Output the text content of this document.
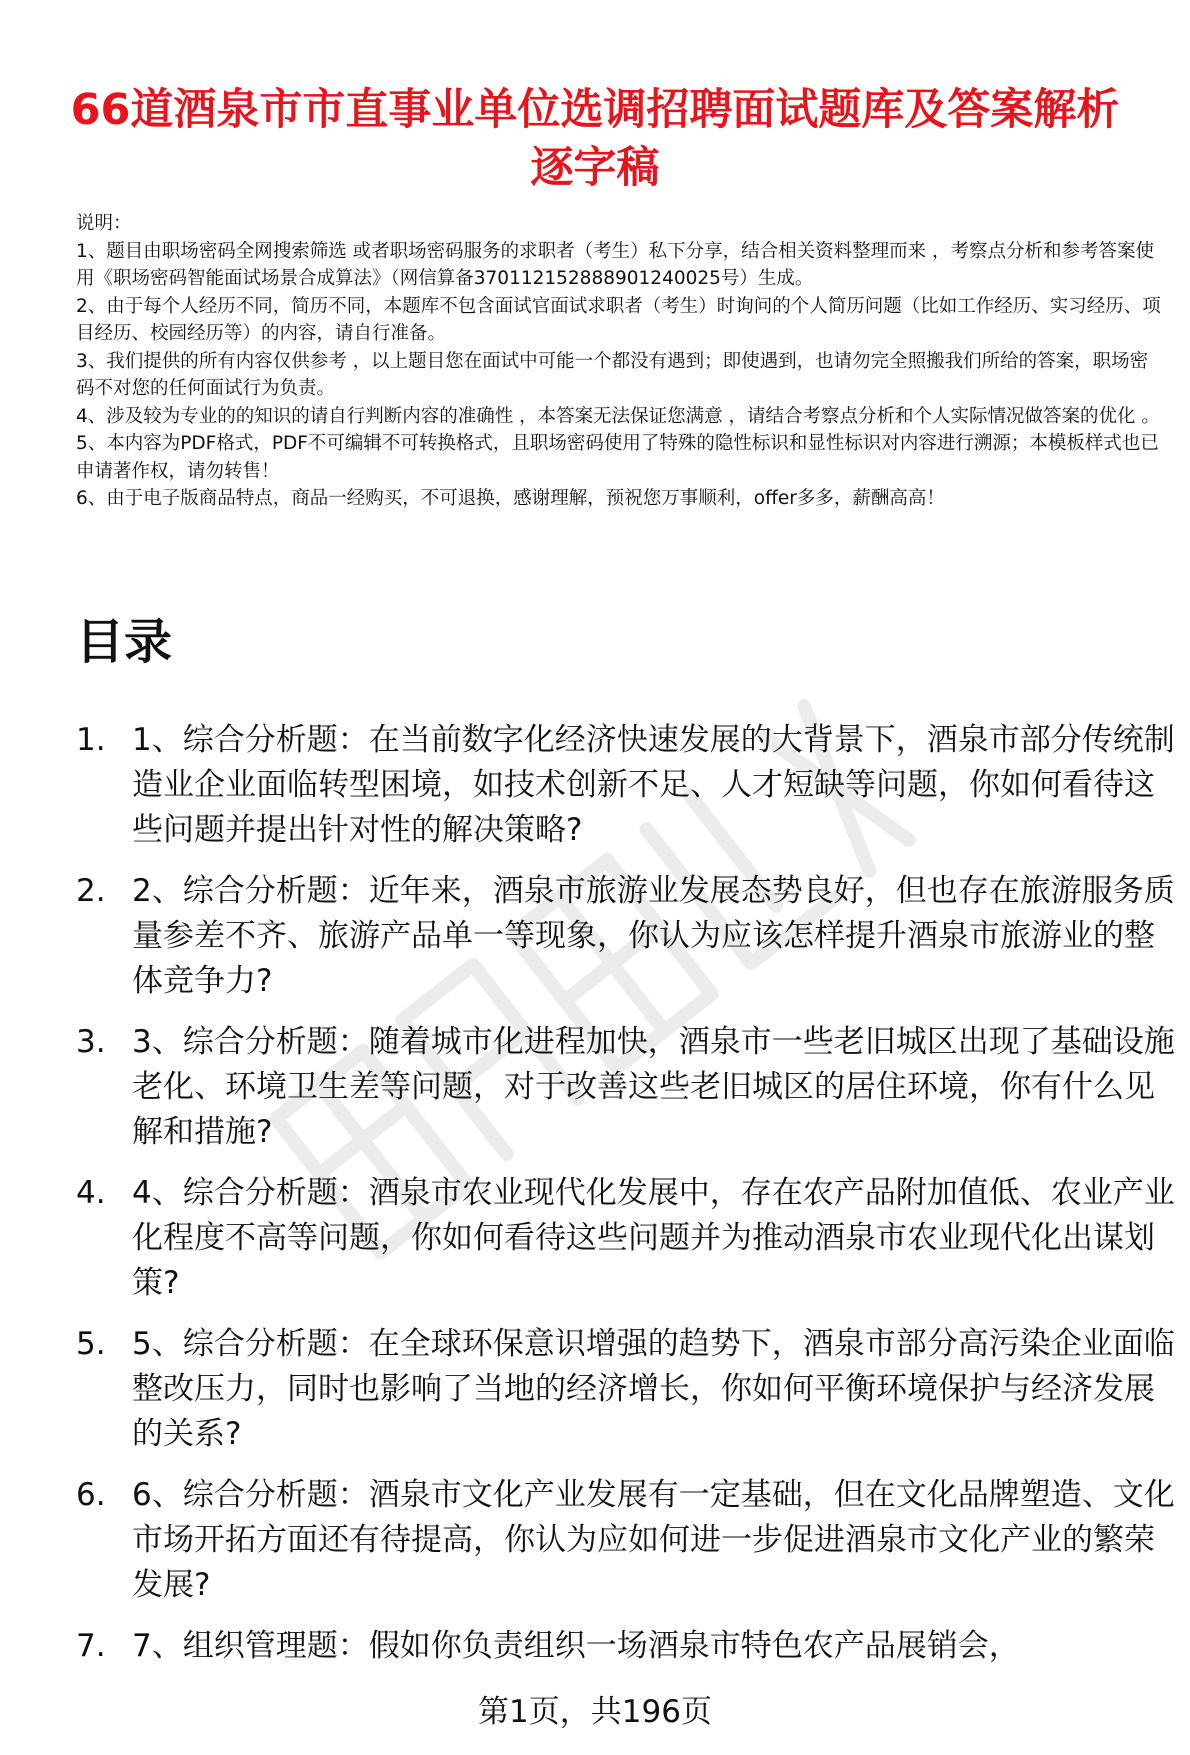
66道酒泉市市直事业单位选调招聘面试题库及答案解析逐字稿

说明：

1、题目由职场密码全网搜索筛选 或者职场密码服务的求职者（考生）私下分享，结合相关资料整理而来 ，考察点分析和参考答案使用《职场密码智能面试场景合成算法》（网信算备370112152888901240025号）生成。

2、由于每个人经历不同，简历不同，本题库不包含面试官面试求职者（考生）时询问的个人简历问题（比如工作经历、实习经历、项目经历、校园经历等）的内容，请自行准备。

3、我们提供的所有内容仅供参考 ，以上题目您在面试中可能一个都没有遇到；即使遇到，也请勿完全照搬我们所给的答案，职场密码不对您的任何面试行为负责。

4、涉及较为专业的的知识的请自行判断内容的准确性 ，本答案无法保证您满意 ，请结合考察点分析和个人实际情况做答案的优化 。

5、本内容为PDF格式，PDF不可编辑不可转换格式，且职场密码使用了特殊的隐性标识和显性标识对内容进行溯源；本模板样式也已申请著作权，请勿转售！

6、由于电子版商品特点，商品一经购买，不可退换，感谢理解，预祝您万事顺利，offer多多，薪酬高高！

目录
1. 1、综合分析题：在当前数字化经济快速发展的大背景下，酒泉市部分传统制造业企业面临转型困境，如技术创新不足、人才短缺等问题，你如何看待这些问题并提出针对性的解决策略?
2. 2、综合分析题：近年来，酒泉市旅游业发展态势良好，但也存在旅游服务质量参差不齐、旅游产品单一等现象，你认为应该怎样提升酒泉市旅游业的整体竞争力?
3. 3、综合分析题：随着城市化进程加快，酒泉市一些老旧城区出现了基础设施老化、环境卫生差等问题，对于改善这些老旧城区的居住环境，你有什么见解和措施?
4. 4、综合分析题：酒泉市农业现代化发展中，存在农产品附加值低、农业产业化程度不高等问题，你如何看待这些问题并为推动酒泉市农业现代化出谋划策?
5. 5、综合分析题：在全球环保意识增强的趋势下，酒泉市部分高污染企业面临整改压力，同时也影响了当地的经济增长，你如何平衡环境保护与经济发展的关系?
6. 6、综合分析题：酒泉市文化产业发展有一定基础，但在文化品牌塑造、文化市场开拓方面还有待提高，你认为应如何进一步促进酒泉市文化产业的繁荣发展?
7. 7、组织管理题：假如你负责组织一场酒泉市特色农产品展销会，
第1页，共196页
